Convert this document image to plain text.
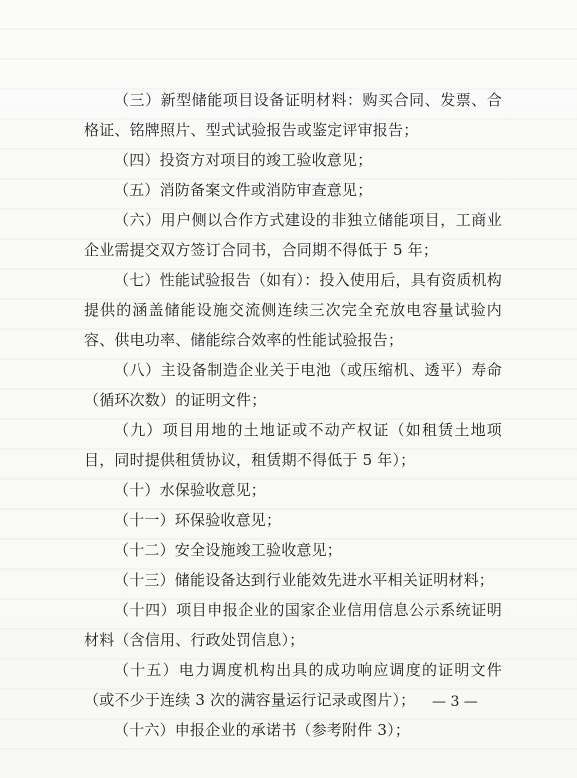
（三）新型储能项目设备证明材料：购买合同、发票、合格证、铭牌照片、型式试验报告或鉴定评审报告；

（四）投资方对项目的竣工验收意见；

（五）消防备案文件或消防审查意见；

（六）用户侧以合作方式建设的非独立储能项目，工商业企业需提交双方签订合同书，合同期不得低于 5 年；

（七）性能试验报告（如有）：投入使用后，具有资质机构提供的涵盖储能设施交流侧连续三次完全充放电容量试验内容、供电功率、储能综合效率的性能试验报告；

（八）主设备制造企业关于电池（或压缩机、透平）寿命（循环次数）的证明文件；

（九）项目用地的土地证或不动产权证（如租赁土地项目，同时提供租赁协议，租赁期不得低于 5 年）；

（十）水保验收意见；

（十一）环保验收意见；

（十二）安全设施竣工验收意见；

（十三）储能设备达到行业能效先进水平相关证明材料；

（十四）项目申报企业的国家企业信用信息公示系统证明材料（含信用、行政处罚信息）；

（十五）电力调度机构出具的成功响应调度的证明文件（或不少于连续 3 次的满容量运行记录或图片）；

（十六）申报企业的承诺书（参考附件 3）；

— 3 —
